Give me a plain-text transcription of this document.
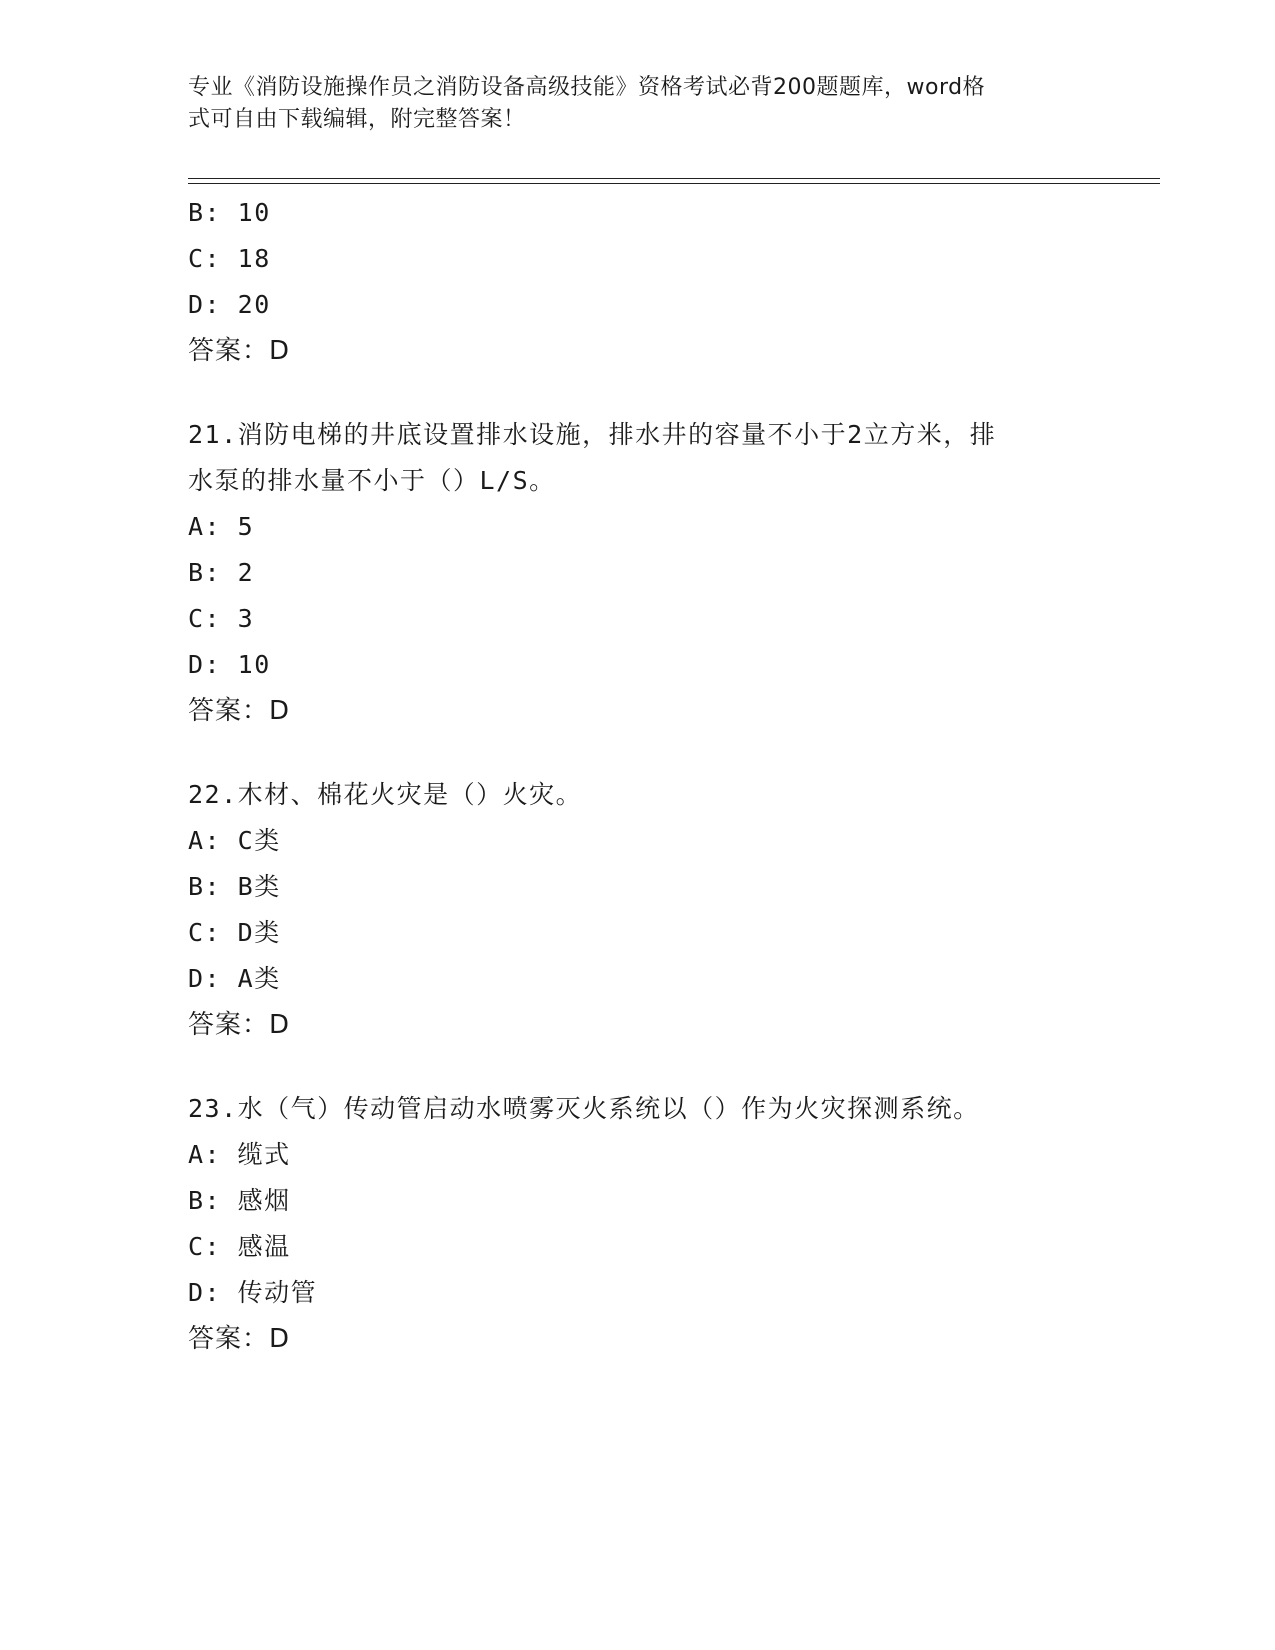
专业《消防设施操作员之消防设备高级技能》资格考试必背200题题库，word格
式可自由下载编辑，附完整答案！
B: 10
C: 18
D: 20
答案：D
21.消防电梯的井底设置排水设施，排水井的容量不小于2立方米，排
水泵的排水量不小于（）L/S。
A: 5
B: 2
C: 3
D: 10
答案：D
22.木材、棉花火灾是（）火灾。
A: C类
B: B类
C: D类
D: A类
答案：D
23.水（气）传动管启动水喷雾灭火系统以（）作为火灾探测系统。
A: 缆式
B: 感烟
C: 感温
D: 传动管
答案：D
